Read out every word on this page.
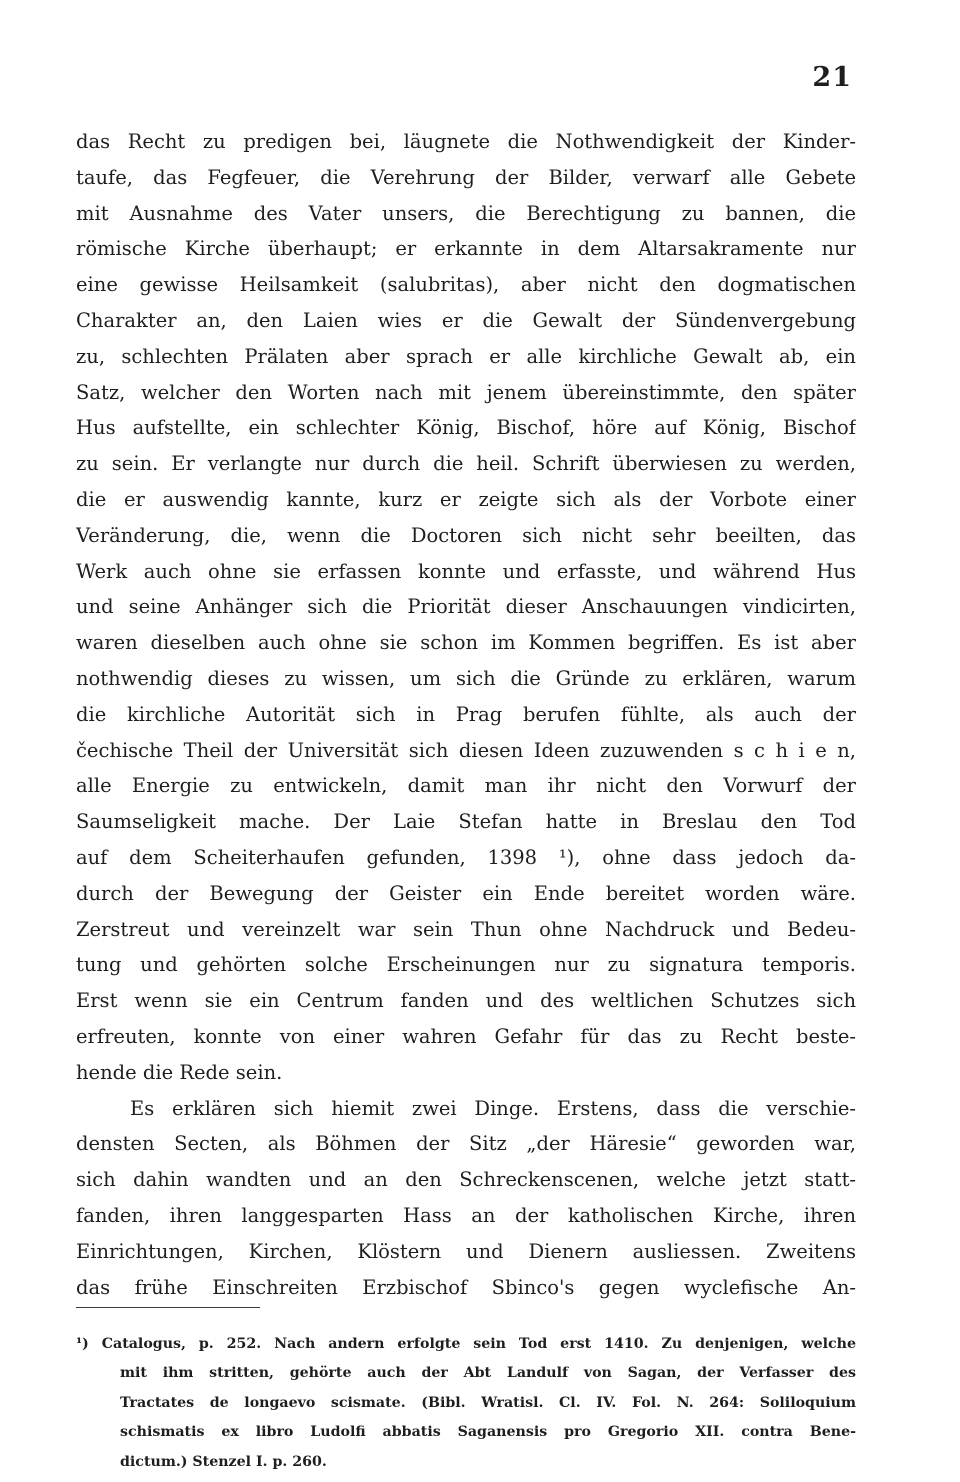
21
das Recht zu predigen bei, läugnete die Nothwendigkeit der Kinder-
taufe, das Fegfeuer, die Verehrung der Bilder, verwarf alle Gebete
mit Ausnahme des Vater unsers, die Berechtigung zu bannen, die
römische Kirche überhaupt; er erkannte in dem Altarsakramente nur
eine gewisse Heilsamkeit (salubritas), aber nicht den dogmatischen
Charakter an, den Laien wies er die Gewalt der Sündenvergebung
zu, schlechten Prälaten aber sprach er alle kirchliche Gewalt ab, ein
Satz, welcher den Worten nach mit jenem übereinstimmte, den später
Hus aufstellte, ein schlechter König, Bischof, höre auf König, Bischof
zu sein. Er verlangte nur durch die heil. Schrift überwiesen zu werden,
die er auswendig kannte, kurz er zeigte sich als der Vorbote einer
Veränderung, die, wenn die Doctoren sich nicht sehr beeilten, das
Werk auch ohne sie erfassen konnte und erfasste, und während Hus
und seine Anhänger sich die Priorität dieser Anschauungen vindicirten,
waren dieselben auch ohne sie schon im Kommen begriffen. Es ist aber
nothwendig dieses zu wissen, um sich die Gründe zu erklären, warum
die kirchliche Autorität sich in Prag berufen fühlte, als auch der
čechische Theil der Universität sich diesen Ideen zuzuwenden s c h i e n,
alle Energie zu entwickeln, damit man ihr nicht den Vorwurf der
Saumseligkeit mache. Der Laie Stefan hatte in Breslau den Tod
auf dem Scheiterhaufen gefunden, 1398 ¹), ohne dass jedoch da-
durch der Bewegung der Geister ein Ende bereitet worden wäre.
Zerstreut und vereinzelt war sein Thun ohne Nachdruck und Bedeu-
tung und gehörten solche Erscheinungen nur zu signatura temporis.
Erst wenn sie ein Centrum fanden und des weltlichen Schutzes sich
erfreuten, konnte von einer wahren Gefahr für das zu Recht beste-
hende die Rede sein.
Es erklären sich hiemit zwei Dinge. Erstens, dass die verschie-
densten Secten, als Böhmen der Sitz „der Häresie“ geworden war,
sich dahin wandten und an den Schreckenscenen, welche jetzt statt-
fanden, ihren langgesparten Hass an der katholischen Kirche, ihren
Einrichtungen, Kirchen, Klöstern und Dienern ausliessen. Zweitens
das frühe Einschreiten Erzbischof Sbinco's gegen wyclefische An-
¹) Catalogus, p. 252. Nach andern erfolgte sein Tod erst 1410. Zu denjenigen, welche
mit ihm stritten, gehörte auch der Abt Landulf von Sagan, der Verfasser des
Tractates de longaevo scismate. (Bibl. Wratisl. Cl. IV. Fol. N. 264: Soliloquium
schismatis ex libro Ludolfi abbatis Saganensis pro Gregorio XII. contra Bene-
dictum.) Stenzel I. p. 260.
